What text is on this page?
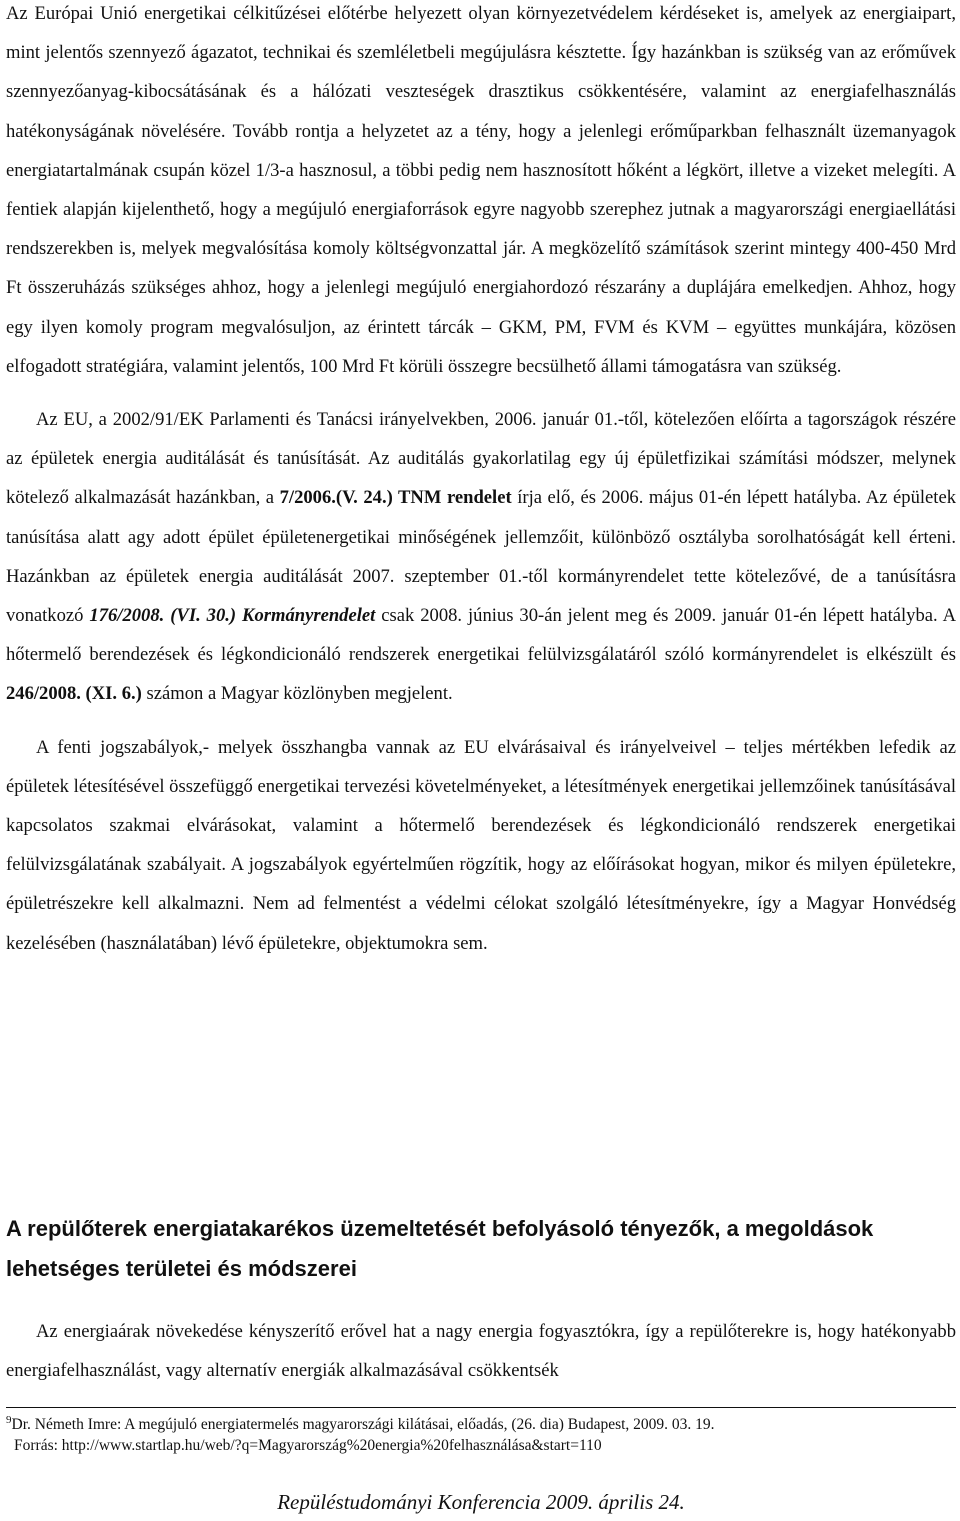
Az Európai Unió energetikai célkitűzései előtérbe helyezett olyan környezetvédelem kérdéseket is, amelyek az energiaipart, mint jelentős szennyező ágazatot, technikai és szemléletbeli megújulásra késztette. Így hazánkban is szükség van az erőművek szennyezőanyag-kibocsátásának és a hálózati veszteségek drasztikus csökkentésére, valamint az energiafelhasználás hatékonyságának növelésére. Tovább rontja a helyzetet az a tény, hogy a jelenlegi erőműparkban felhasznált üzemanyagok energiatartalmának csupán közel 1/3-a hasznosul, a többi pedig nem hasznosított hőként a légkört, illetve a vizeket melegíti. A fentiek alapján kijelenthető, hogy a megújuló energiaforrások egyre nagyobb szerephez jutnak a magyarországi energiaellátási rendszerekben is, melyek megvalósítása komoly költségvonzattal jár. A megközelítő számítások szerint mintegy 400-450 Mrd Ft összeruházás szükséges ahhoz, hogy a jelenlegi megújuló energiahordozó részarány a duplájára emelkedjen. Ahhoz, hogy egy ilyen komoly program megvalósuljon, az érintett tárcák – GKM, PM, FVM és KVM – együttes munkájára, közösen elfogadott stratégiára, valamint jelentős, 100 Mrd Ft körüli összegre becsülhető állami támogatásra van szükség.

Az EU, a 2002/91/EK Parlamenti és Tanácsi irányelvekben, 2006. január 01.-től, kötelezően előírta a tagországok részére az épületek energia auditálását és tanúsítását. Az auditálás gyakorlatilag egy új épületfizikai számítási módszer, melynek kötelező alkalmazását hazánkban, a 7/2006.(V. 24.) TNM rendelet írja elő, és 2006. május 01-én lépett hatályba. Az épületek tanúsítása alatt agy adott épület épületenergetikai minőségének jellemzőit, különböző osztályba sorolhatóságát kell érteni. Hazánkban az épületek energia auditálását 2007. szeptember 01.-től kormányrendelet tette kötelezővé, de a tanúsításra vonatkozó 176/2008. (VI. 30.) Kormányrendelet csak 2008. június 30-án jelent meg és 2009. január 01-én lépett hatályba. A hőtermelő berendezések és légkondicionáló rendszerek energetikai felülvizsgálatáról szóló kormányrendelet is elkészült és 246/2008. (XI. 6.) számon a Magyar közlönyben megjelent.

A fenti jogszabályok,- melyek összhangba vannak az EU elvárásaival és irányelveivel – teljes mértékben lefedik az épületek létesítésével összefüggő energetikai tervezési követelményeket, a létesítmények energetikai jellemzőinek tanúsításával kapcsolatos szakmai elvárásokat, valamint a hőtermelő berendezések és légkondicionáló rendszerek energetikai felülvizsgálatának szabályait. A jogszabályok egyértelműen rögzítik, hogy az előírásokat hogyan, mikor és milyen épületekre, épületrészekre kell alkalmazni. Nem ad felmentést a védelmi célokat szolgáló létesítményekre, így a Magyar Honvédség kezelésében (használatában) lévő épületekre, objektumokra sem.

A repülőterek energiatakarékos üzemeltetését befolyásoló tényezők, a megoldások lehetséges területei és módszerei

Az energiaárak növekedése kényszerítő erővel hat a nagy energia fogyasztókra, így a repülőterekre is, hogy hatékonyabb energiafelhasználást, vagy alternatív energiák alkalmazásával csökkentsék

$^9$Dr. Németh Imre: A megújuló energiatermelés magyarországi kilátásai, előadás, (26. dia) Budapest, 2009. 03. 19.
Forrás: http://www.startlap.hu/web/?q=Magyarország%20energia%20felhasználása&start=110
Repüléstudományi Konferencia 2009. április 24.
